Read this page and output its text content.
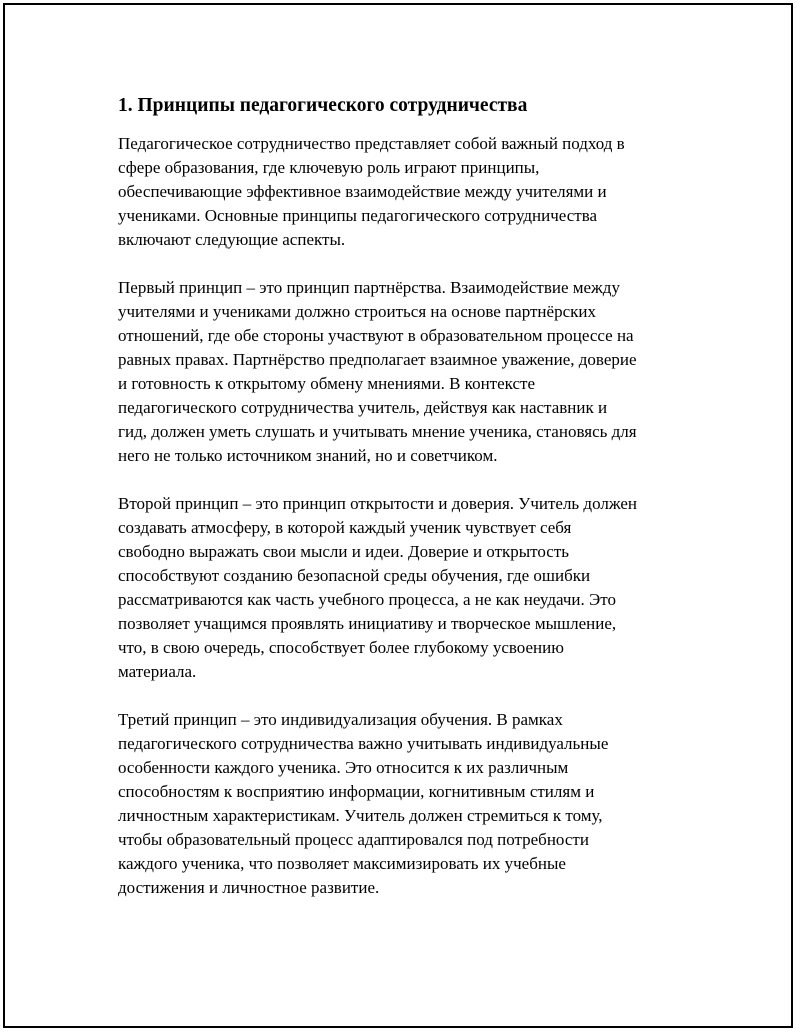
1. Принципы педагогического сотрудничества

Педагогическое сотрудничество представляет собой важный подход в
сфере образования, где ключевую роль играют принципы,
обеспечивающие эффективное взаимодействие между учителями и
учениками. Основные принципы педагогического сотрудничества
включают следующие аспекты.

Первый принцип – это принцип партнёрства. Взаимодействие между
учителями и учениками должно строиться на основе партнёрских
отношений, где обе стороны участвуют в образовательном процессе на
равных правах. Партнёрство предполагает взаимное уважение, доверие
и готовность к открытому обмену мнениями. В контексте
педагогического сотрудничества учитель, действуя как наставник и
гид, должен уметь слушать и учитывать мнение ученика, становясь для
него не только источником знаний, но и советчиком.

Второй принцип – это принцип открытости и доверия. Учитель должен
создавать атмосферу, в которой каждый ученик чувствует себя
свободно выражать свои мысли и идеи. Доверие и открытость
способствуют созданию безопасной среды обучения, где ошибки
рассматриваются как часть учебного процесса, а не как неудачи. Это
позволяет учащимся проявлять инициативу и творческое мышление,
что, в свою очередь, способствует более глубокому усвоению
материала.

Третий принцип – это индивидуализация обучения. В рамках
педагогического сотрудничества важно учитывать индивидуальные
особенности каждого ученика. Это относится к их различным
способностям к восприятию информации, когнитивным стилям и
личностным характеристикам. Учитель должен стремиться к тому,
чтобы образовательный процесс адаптировался под потребности
каждого ученика, что позволяет максимизировать их учебные
достижения и личностное развитие.
